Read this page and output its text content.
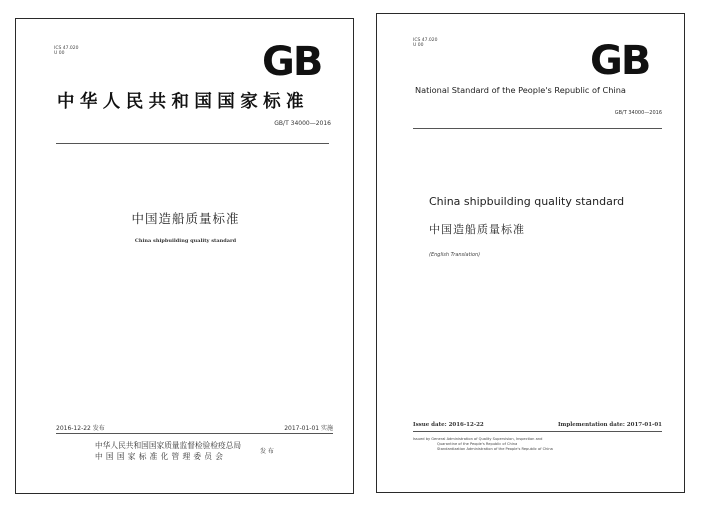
ICS 47.020
U 00	GB
中华人民共和国国家标准
GB/T 34000—2016
中国造船质量标准
China shipbuilding quality standard
2016-12-22 发布	2017-01-01 实施
中华人民共和国国家质量监督检验检疫总局
中 国 国 家 标 准 化 管 理 委 员 会
发 布
ICS 47.020
U 00	GB
National Standard of the People's Republic of China
GB/T 34000—2016
China shipbuilding quality standard
中国造船质量标准
(English Translation)
Issue date: 2016-12-22	Implementation date: 2017-01-01
Issued by General Administration of Quality Supervision, Inspection and
Quarantine of the People's Republic of China
Standardization Administration of the People's Republic of China
